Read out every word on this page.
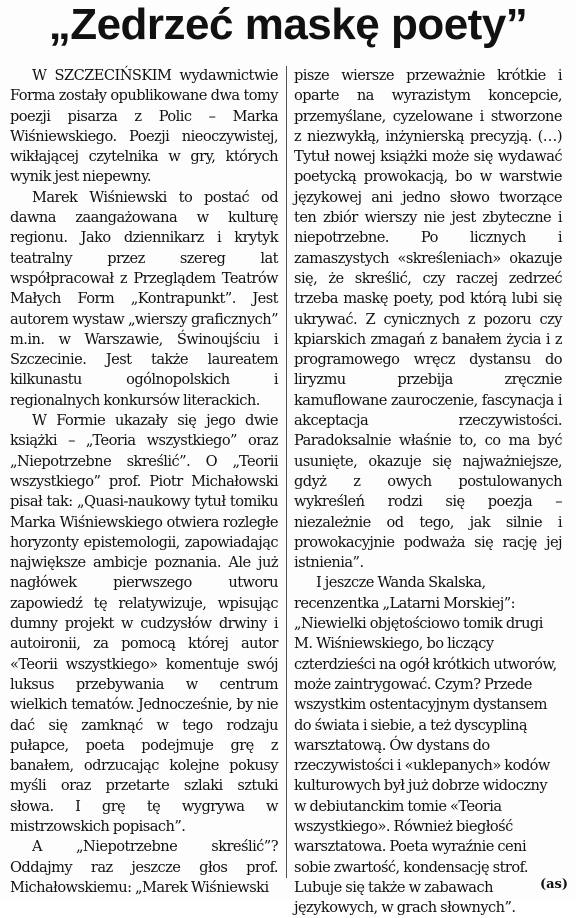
„Zedrzeć maskę poety”

W SZCZECIŃSKIM wydawnictwie Forma zostały opublikowane dwa tomy poezji pisarza z Polic – Marka Wiśniewskiego. Poezji nieoczywistej, wikłającej czytelnika w gry, których wynik jest niepewny.

Marek Wiśniewski to postać od dawna zaangażowana w kulturę regionu. Jako dziennikarz i krytyk teatralny przez szereg lat współpracował z Przeglądem Teatrów Małych Form „Kontrapunkt”. Jest autorem wystaw „wierszy graficznych” m.in. w Warszawie, Świnoujściu i Szczecinie. Jest także laureatem kilkunastu ogólnopolskich i regionalnych konkursów literackich.

W Formie ukazały się jego dwie książki – „Teoria wszystkiego” oraz „Niepotrzebne skreślić”. O „Teorii wszystkiego” prof. Piotr Michałowski pisał tak: „Quasi-naukowy tytuł tomiku Marka Wiśniewskiego otwiera rozległe horyzonty epistemologii, zapowiadając największe ambicje poznania. Ale już nagłówek pierwszego utworu zapowiedź tę relatywizuje, wpisując dumny projekt w cudzysłów drwiny i autoironii, za pomocą której autor «Teorii wszystkiego» komentuje swój luksus przebywania w centrum wielkich tematów. Jednocześnie, by nie dać się zamknąć w tego rodzaju pułapce, poeta podejmuje grę z banałem, odrzucając kolejne pokusy myśli oraz przetarte szlaki sztuki słowa. I grę tę wygrywa w mistrzowskich popisach”.

A „Niepotrzebne skreślić”? Oddajmy raz jeszcze głos prof. Michałowskiemu: „Marek Wiśniewski

pisze wiersze przeważnie krótkie i oparte na wyrazistym koncepcie, przemyślane, cyzelowane i stworzone z niezwykłą, inżynierską precyzją. (…) Tytuł nowej książki może się wydawać poetycką prowokacją, bo w warstwie językowej ani jedno słowo tworzące ten zbiór wierszy nie jest zbyteczne i niepotrzebne. Po licznych i zamaszystych «skreśleniach» okazuje się, że skreślić, czy raczej zedrzeć trzeba maskę poety, pod którą lubi się ukrywać. Z cynicznych z pozoru czy kpiarskich zmagań z banałem życia i z programowego wręcz dystansu do liryzmu przebija zręcznie kamuflowane zauroczenie, fascynacja i akceptacja rzeczywistości. Paradoksalnie właśnie to, co ma być usunięte, okazuje się najważniejsze, gdyż z owych postulowanych wykreśleń rodzi się poezja – niezależnie od tego, jak silnie i prowokacyjnie podważa się rację jej istnienia”.

I jeszcze Wanda Skalska, recenzentka „Latarni Morskiej”: „Niewielki objętościowo tomik drugi M. Wiśniewskiego, bo liczący czterdzieści na ogół krótkich utworów, może zaintrygować. Czym? Przede wszystkim ostentacyjnym dystansem do świata i siebie, a też dyscypliną warsztatową. Ów dystans do rzeczywistości i «uklepanych» kodów kulturowych był już dobrze widoczny w debiutanckim tomie «Teoria wszystkiego». Również biegłość warsztatowa. Poeta wyraźnie ceni sobie zwartość, kondensację strof. Lubuje się także w zabawach językowych, w grach słownych”.

(as)
